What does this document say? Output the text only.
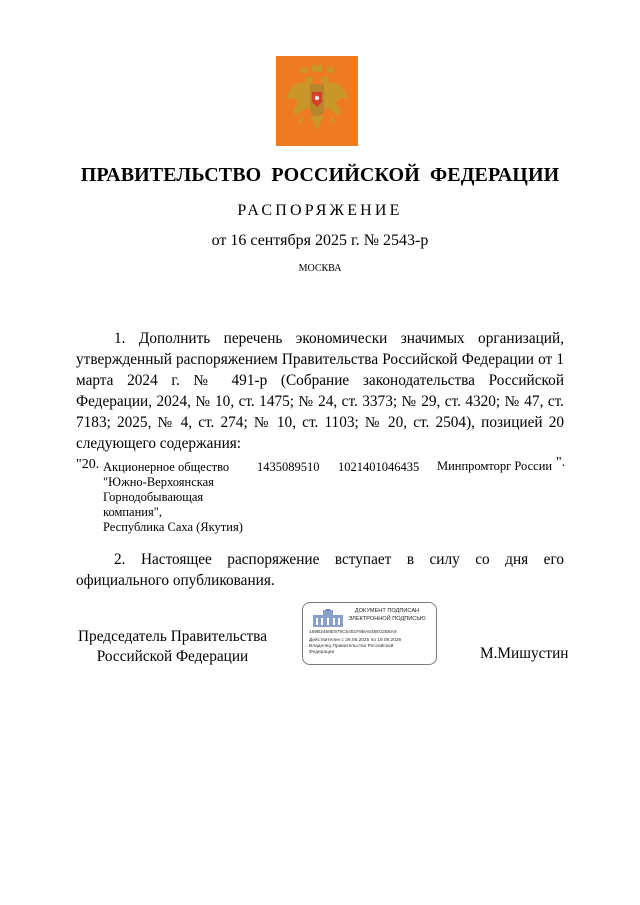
ПРАВИТЕЛЬСТВО РОССИЙСКОЙ ФЕДЕРАЦИИ
РАСПОРЯЖЕНИЕ
от 16 сентября 2025 г. № 2543-р
МОСКВА
1. Дополнить перечень экономически значимых организаций, утвержденный распоряжением Правительства Российской Федерации от 1 марта 2024 г. № 491-р (Собрание законодательства Российской Федерации, 2024, № 10, ст. 1475; № 24, ст. 3373; № 29, ст. 4320; № 47, ст. 7183; 2025, № 4, ст. 274; № 10, ст. 1103; № 20, ст. 2504), позицией 20 следующего содержания:
"20. Акционерное общество
"Южно-Верхоянская
Горнодобывающая
компания",
Республика Саха (Якутия)
1435089510 1021401046435 Минпромторг России ".
2. Настоящее распоряжение вступает в силу со дня его официального опубликования.
Председатель Правительства
Российской Федерации	М.Мишустин
ДОКУМЕНТ ПОДПИСАН
ЭЛЕКТРОННОЙ ПОДПИСЬЮ
169B2468E979C5451F9BA548E02B8A9
Действителен с 26.06.2025 по 19.09.2026
Владелец Правительство Российской
Федерации
